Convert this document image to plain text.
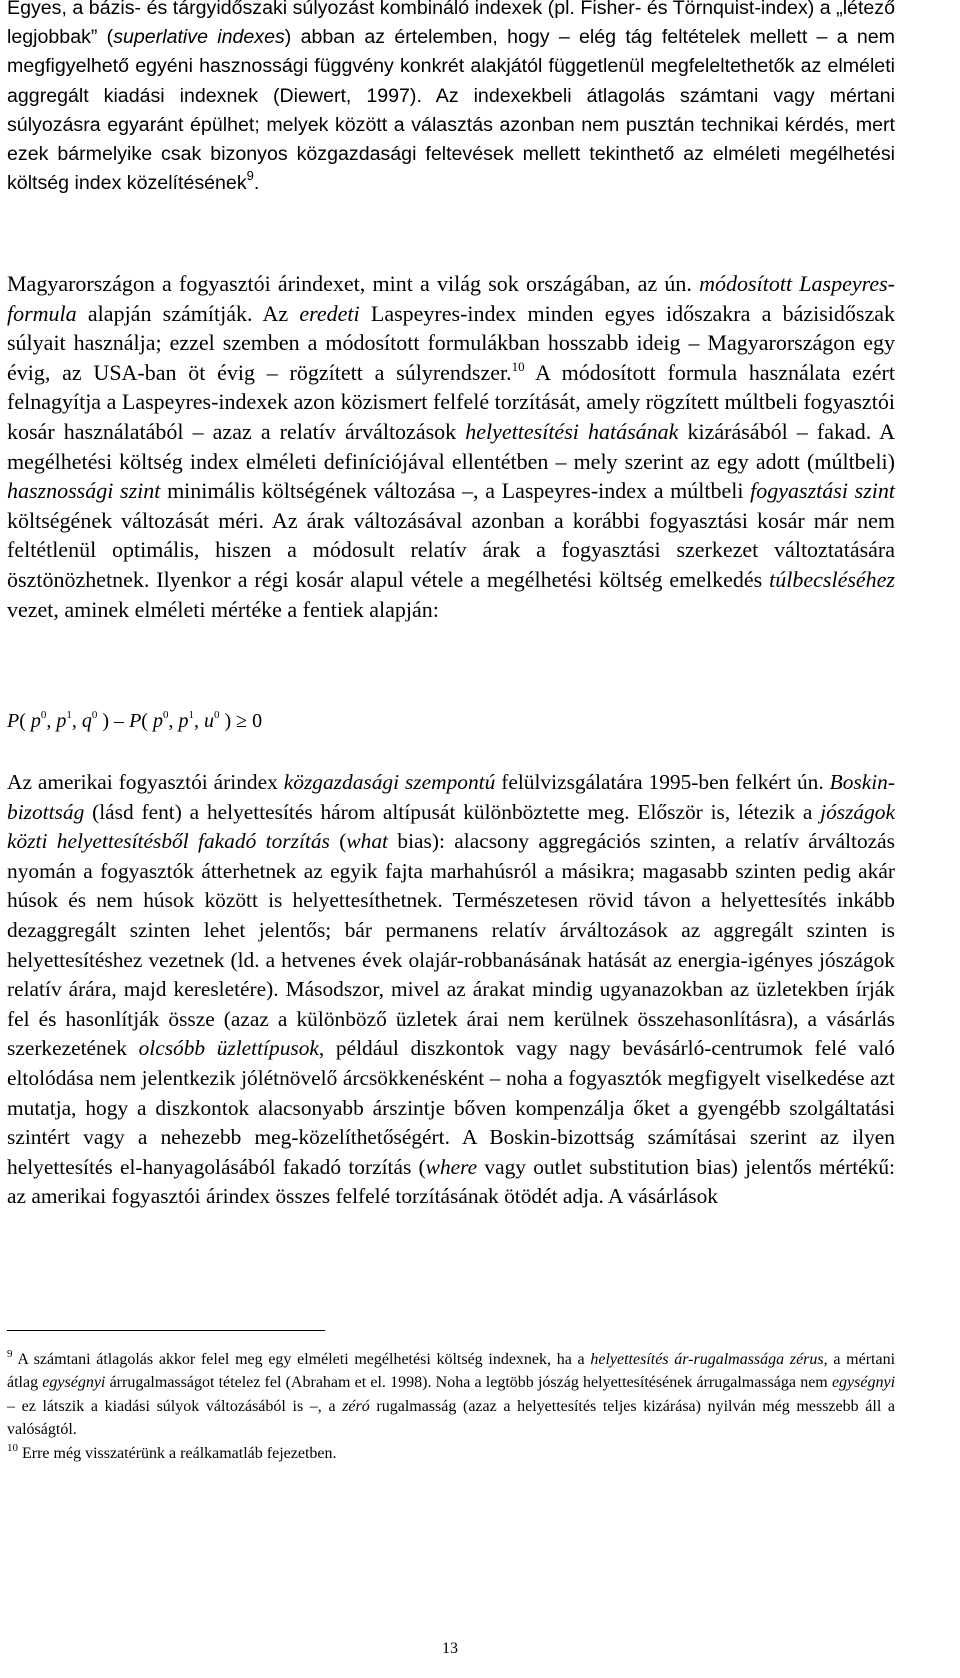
Egyes, a bázis- és tárgyidőszaki súlyozást kombináló indexek (pl. Fisher- és Törnquist-index) a „létező legjobbak” (superlative indexes) abban az értelemben, hogy – elég tág feltételek mellett – a nem megfigyelhető egyéni hasznossági függvény konkrét alakjától függetlenül megfeleltethetők az elméleti aggregált kiadási indexnek (Diewert, 1997). Az indexekbeli átlagolás számtani vagy mértani súlyozásra egyaránt épülhet; melyek között a választás azonban nem pusztán technikai kérdés, mert ezek bármelyike csak bizonyos közgazdasági feltevések mellett tekinthető az elméleti megélhetési költség index közelítésének$^9$.

Magyarországon a fogyasztói árindexet, mint a világ sok országában, az ún. módosított Laspeyres-formula alapján számítják. Az eredeti Laspeyres-index minden egyes időszakra a bázisidőszak súlyait használja; ezzel szemben a módosított formulákban hosszabb ideig – Magyarországon egy évig, az USA-ban öt évig – rögzített a súlyrendszer.$^{10}$ A módosított formula használata ezért felnagyítja a Laspeyres-indexek azon közismert felfelé torzítását, amely rögzített múltbeli fogyasztói kosár használatából – azaz a relatív árváltozások helyettesítési hatásának kizárásából – fakad. A megélhetési költség index elméleti definíciójával ellentétben – mely szerint az egy adott (múltbeli) hasznossági szint minimális költségének változása –, a Laspeyres-index a múltbeli fogyasztási szint költségének változását méri. Az árak változásával azonban a korábbi fogyasztási kosár már nem feltétlenül optimális, hiszen a módosult relatív árak a fogyasztási szerkezet változtatására ösztönözhetnek. Ilyenkor a régi kosár alapul vétele a megélhetési költség emelkedés túlbecsléséhez vezet, aminek elméleti mértéke a fentiek alapján:

P( $p^0$, $p^1$, $q^0$ ) – P( $p^0$, $p^1$, $u^0$ ) ≥ 0

Az amerikai fogyasztói árindex közgazdasági szempontú felülvizsgálatára 1995-ben felkért ún. Boskin-bizottság (lásd fent) a helyettesítés három altípusát különböztette meg. Először is, létezik a jószágok közti helyettesítésből fakadó torzítás (what bias): alacsony aggregációs szinten, a relatív árváltozás nyomán a fogyasztók átterhetnek az egyik fajta marhahúsról a másikra; magasabb szinten pedig akár húsok és nem húsok között is helyettesíthetnek. Természetesen rövid távon a helyettesítés inkább dezaggregált szinten lehet jelentős; bár permanens relatív árváltozások az aggregált szinten is helyettesítéshez vezetnek (ld. a hetvenes évek olajár-robbanásának hatását az energia-igényes jószágok relatív árára, majd keresletére). Másodszor, mivel az árakat mindig ugyanazokban az üzletekben írják fel és hasonlítják össze (azaz a különböző üzletek árai nem kerülnek összehasonlításra), a vásárlás szerkezetének olcsóbb üzlettípusok, például diszkontok vagy nagy bevásárló-centrumok felé való eltolódása nem jelentkezik jólétnövelő árcsökkenésként – noha a fogyasztók megfigyelt viselkedése azt mutatja, hogy a diszkontok alacsonyabb árszintje bőven kompenzálja őket a gyengébb szolgáltatási szintért vagy a nehezebb meg-közelíthetőségért. A Boskin-bizottság számításai szerint az ilyen helyettesítés el-hanyagolásából fakadó torzítás (where vagy outlet substitution bias) jelentős mértékű: az amerikai fogyasztói árindex összes felfelé torzításának ötödét adja. A vásárlások

$^9$ A számtani átlagolás akkor felel meg egy elméleti megélhetési költség indexnek, ha a helyettesítés ár-rugalmassága zérus, a mértani átlag egységnyi árrugalmasságot tételez fel (Abraham et el. 1998). Noha a legtöbb jószág helyettesítésének árrugalmassága nem egységnyi – ez látszik a kiadási súlyok változásából is –, a zéró rugalmasság (azaz a helyettesítés teljes kizárása) nyilván még messzebb áll a valóságtól.

$^{10}$ Erre még visszatérünk a reálkamatláb fejezetben.

13
